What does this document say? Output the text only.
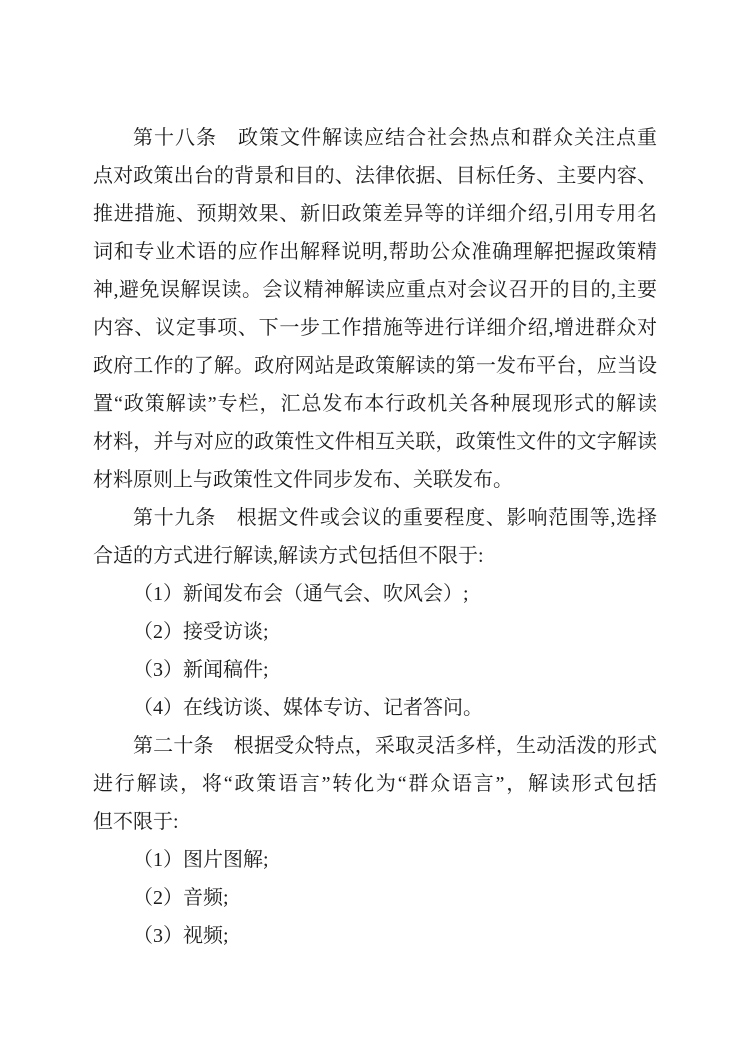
第十八条　政策文件解读应结合社会热点和群众关注点重
点对政策出台的背景和目的、法律依据、目标任务、主要内容、
推进措施、预期效果、新旧政策差异等的详细介绍,引用专用名
词和专业术语的应作出解释说明,帮助公众准确理解把握政策精
神,避免误解误读。会议精神解读应重点对会议召开的目的,主要
内容、议定事项、下一步工作措施等进行详细介绍,增进群众对
政府工作的了解。政府网站是政策解读的第一发布平台，应当设
置“政策解读”专栏，汇总发布本行政机关各种展现形式的解读
材料，并与对应的政策性文件相互关联，政策性文件的文字解读
材料原则上与政策性文件同步发布、关联发布。
第十九条　根据文件或会议的重要程度、影响范围等,选择
合适的方式进行解读,解读方式包括但不限于:
（1）新闻发布会（通气会、吹风会）;
（2）接受访谈;
（3）新闻稿件;
（4）在线访谈、媒体专访、记者答问。
第二十条　根据受众特点，采取灵活多样，生动活泼的形式
进行解读，将“政策语言”转化为“群众语言”，解读形式包括
但不限于:
（1）图片图解;
（2）音频;
（3）视频;
